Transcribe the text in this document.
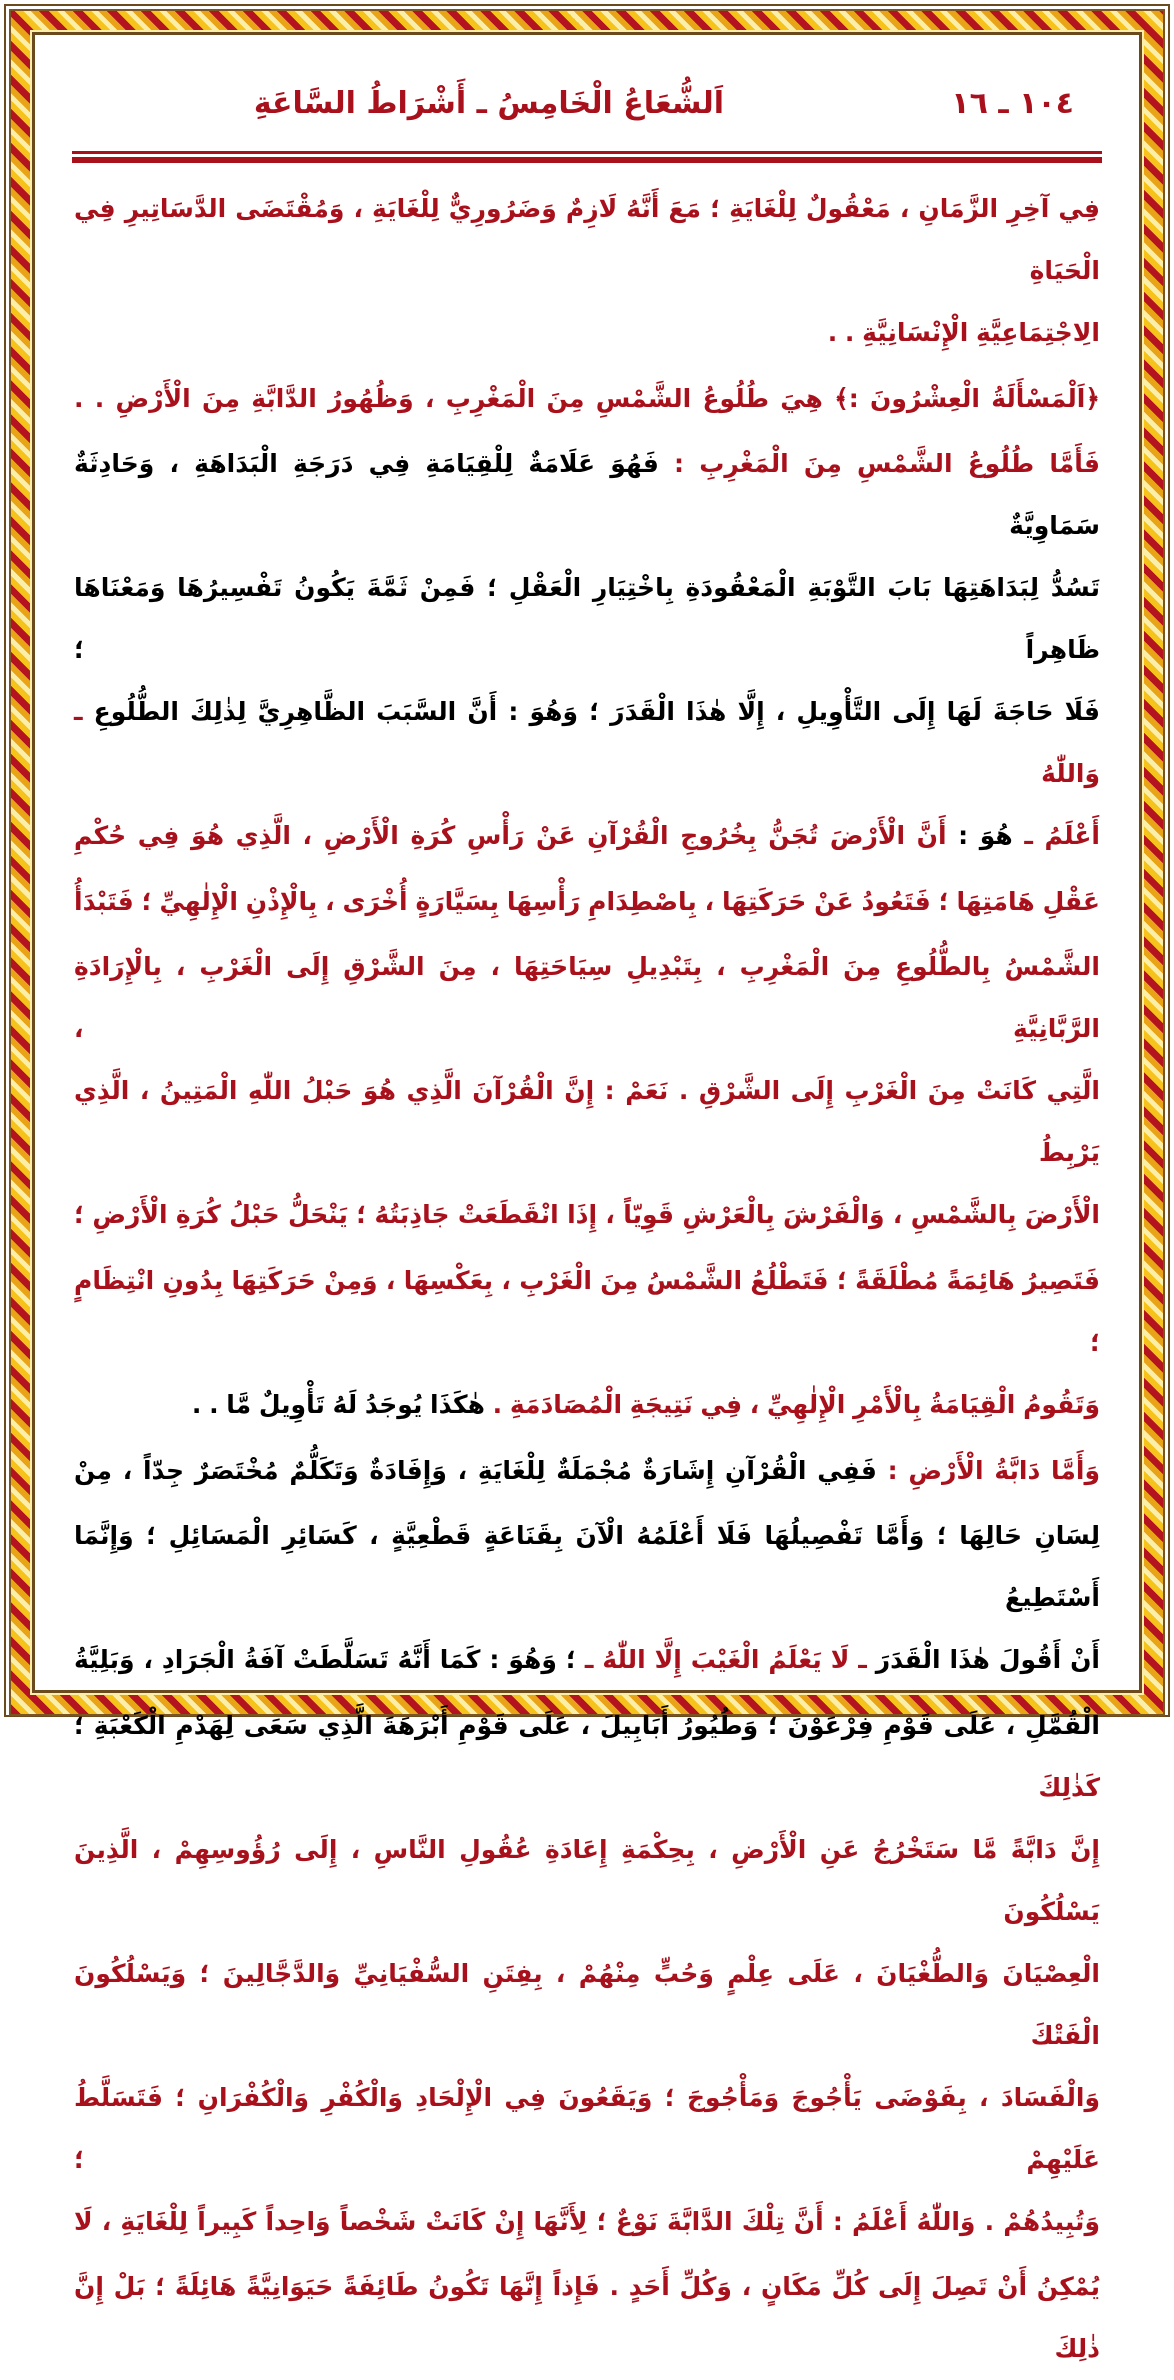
١٠٤ ـ ١٦
اَلشُّعَاعُ الْخَامِسُ ـ أَشْرَاطُ السَّاعَةِ
فِي آخِرِ الزَّمَانِ ، مَعْقُولٌ لِلْغَايَةِ ؛ مَعَ أَنَّهُ لَازِمٌ وَضَرُورِيٌّ لِلْغَايَةِ ، وَمُقْتَضَى الدَّسَاتِيرِ فِي الْحَيَاةِ
الِاجْتِمَاعِيَّةِ الْإِنْسَانِيَّةِ . .
﴿اَلْمَسْأَلَةُ الْعِشْرُونَ :﴾ هِيَ طُلُوعُ الشَّمْسِ مِنَ الْمَغْرِبِ ، وَظُهُورُ الدَّابَّةِ مِنَ الْأَرْضِ . .
فَأَمَّا طُلُوعُ الشَّمْسِ مِنَ الْمَغْرِبِ : فَهُوَ عَلَامَةٌ لِلْقِيَامَةِ فِي دَرَجَةِ الْبَدَاهَةِ ، وَحَادِثَةٌ سَمَاوِيَّةٌ
تَسُدُّ لِبَدَاهَتِهَا بَابَ التَّوْبَةِ الْمَعْقُودَةِ بِاخْتِيَارِ الْعَقْلِ ؛ فَمِنْ ثَمَّةَ يَكُونُ تَفْسِيرُهَا وَمَعْنَاهَا ظَاهِراً ؛
فَلَا حَاجَةَ لَهَا إِلَى التَّأْوِيلِ ، إِلَّا هٰذَا الْقَدَرَ ؛ وَهُوَ : أَنَّ السَّبَبَ الظَّاهِرِيَّ لِذٰلِكَ الطُّلُوعِ ـ وَاللّٰهُ
أَعْلَمُ ـ هُوَ : أَنَّ الْأَرْضَ تُجَنُّ بِخُرُوجِ الْقُرْآنِ عَنْ رَأْسِ كُرَةِ الْأَرْضِ ، الَّذِي هُوَ فِي حُكْمِ
عَقْلِ هَامَتِهَا ؛ فَتَعُودُ عَنْ حَرَكَتِهَا ، بِاصْطِدَامِ رَأْسِهَا بِسَيَّارَةٍ أُخْرَى ، بِالْإِذْنِ الْإِلٰهِيِّ ؛ فَتَبْدَأُ
الشَّمْسُ بِالطُّلُوعِ مِنَ الْمَغْرِبِ ، بِتَبْدِيلِ سِيَاحَتِهَا ، مِنَ الشَّرْقِ إِلَى الْغَرْبِ ، بِالْإِرَادَةِ الرَّبَّانِيَّةِ ،
الَّتِي كَانَتْ مِنَ الْغَرْبِ إِلَى الشَّرْقِ . نَعَمْ : إِنَّ الْقُرْآنَ الَّذِي هُوَ حَبْلُ اللّٰهِ الْمَتِينُ ، الَّذِي يَرْبِطُ
الْأَرْضَ بِالشَّمْسِ ، وَالْفَرْشَ بِالْعَرْشِ قَوِيّاً ، إِذَا انْقَطَعَتْ جَاذِبَتُهُ ؛ يَنْحَلُّ حَبْلُ كُرَةِ الْأَرْضِ ؛
فَتَصِيرُ هَائِمَةً مُطْلَقَةً ؛ فَتَطْلُعُ الشَّمْسُ مِنَ الْغَرْبِ ، بِعَكْسِهَا ، وَمِنْ حَرَكَتِهَا بِدُونِ انْتِظَامٍ ؛
وَتَقُومُ الْقِيَامَةُ بِالْأَمْرِ الْإِلٰهِيِّ ، فِي نَتِيجَةِ الْمُصَادَمَةِ . هٰكَذَا يُوجَدُ لَهُ تَأْوِيلٌ مَّا . .
وَأَمَّا دَابَّةُ الْأَرْضِ : فَفِي الْقُرْآنِ إِشَارَةٌ مُجْمَلَةٌ لِلْغَايَةِ ، وَإِفَادَةٌ وَتَكَلُّمٌ مُخْتَصَرٌ جِدّاً ، مِنْ
لِسَانِ حَالِهَا ؛ وَأَمَّا تَفْصِيلُهَا فَلَا أَعْلَمُهُ الْآنَ بِقَنَاعَةٍ قَطْعِيَّةٍ ، كَسَائِرِ الْمَسَائِلِ ؛ وَإِنَّمَا أَسْتَطِيعُ
أَنْ أَقُولَ هٰذَا الْقَدَرَ ـ لَا يَعْلَمُ الْغَيْبَ إِلَّا اللّٰهُ ـ ؛ وَهُوَ : كَمَا أَنَّهُ تَسَلَّطَتْ آفَةُ الْجَرَادِ ، وَبَلِيَّةُ
الْقُمَّلِ ، عَلَى قَوْمِ فِرْعَوْنَ ؛ وَطُيُورُ أَبَابِيلَ ، عَلَى قَوْمِ أَبْرَهَةَ الَّذِي سَعَى لِهَدْمِ الْكَعْبَةِ ؛ كَذٰلِكَ
إِنَّ دَابَّةً مَّا سَتَخْرُجُ عَنِ الْأَرْضِ ، بِحِكْمَةِ إِعَادَةِ عُقُولِ النَّاسِ ، إِلَى رُؤُوسِهِمْ ، الَّذِينَ يَسْلُكُونَ
الْعِصْيَانَ وَالطُّغْيَانَ ، عَلَى عِلْمٍ وَحُبٍّ مِنْهُمْ ، بِفِتَنِ السُّفْيَانِيِّ وَالدَّجَّالِينَ ؛ وَيَسْلُكُونَ الْفَتْكَ
وَالْفَسَادَ ، بِفَوْضَى يَأْجُوجَ وَمَأْجُوجَ ؛ وَيَقَعُونَ فِي الْإِلْحَادِ وَالْكُفْرِ وَالْكُفْرَانِ ؛ فَتَسَلَّطُ عَلَيْهِمْ ؛
وَتُبِيدُهُمْ . وَاللّٰهُ أَعْلَمُ : أَنَّ تِلْكَ الدَّابَّةَ نَوْعٌ ؛ لِأَنَّهَا إِنْ كَانَتْ شَخْصاً وَاحِداً كَبِيراً لِلْغَايَةِ ، لَا
يُمْكِنُ أَنْ تَصِلَ إِلَى كُلِّ مَكَانٍ ، وَكُلِّ أَحَدٍ . فَإِذاً إِنَّهَا تَكُونُ طَائِفَةً حَيَوَانِيَّةً هَائِلَةً ؛ بَلْ إِنَّ ذٰلِكَ
